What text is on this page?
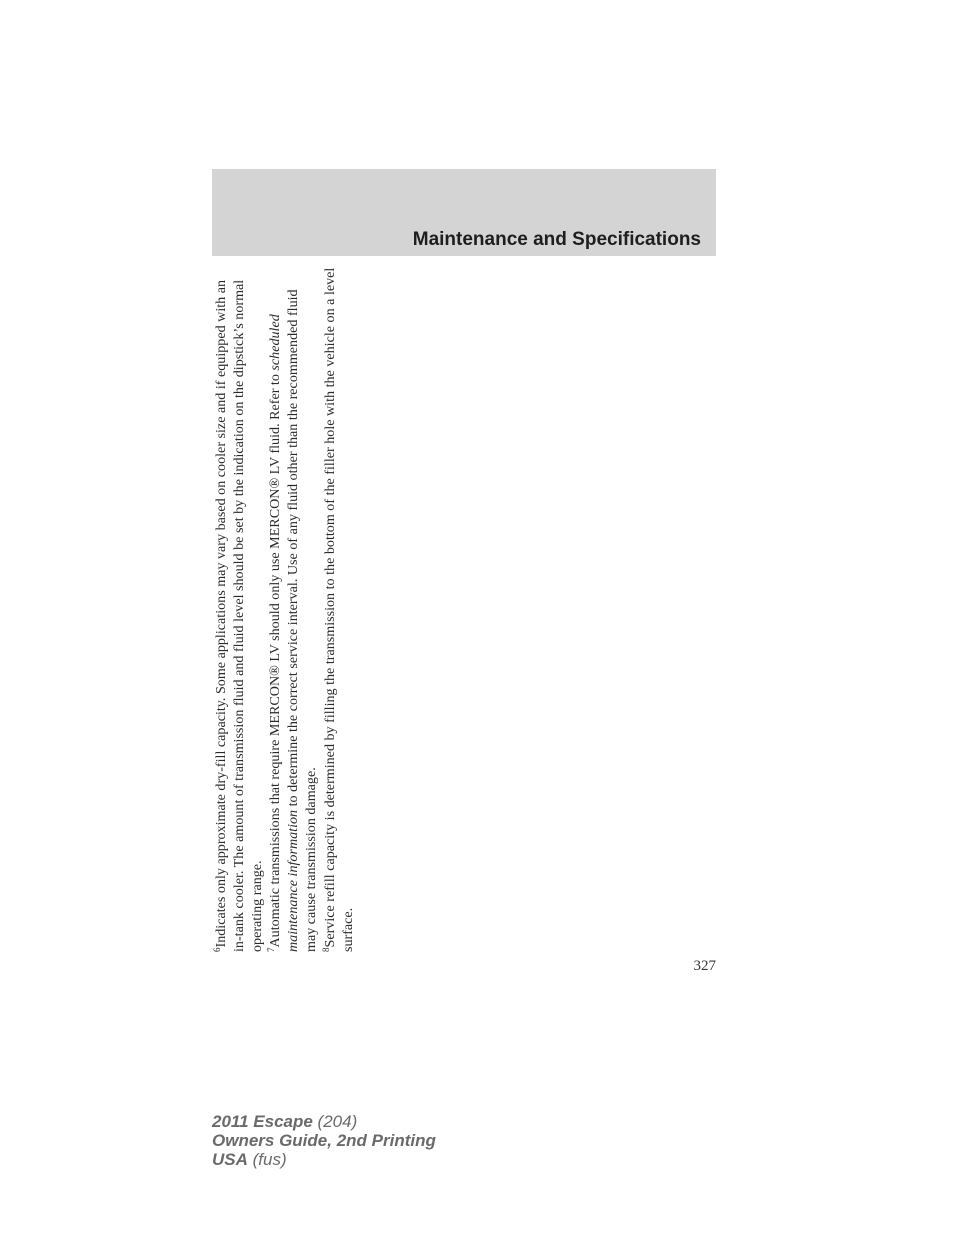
Maintenance and Specifications

$^6$Indicates only approximate dry-fill capacity. Some applications may vary based on cooler size and if equipped with an in-tank cooler. The amount of transmission fluid and fluid level should be set by the indication on the dipstick’s normal operating range. $^7$Automatic transmissions that require MERCON® LV should only use MERCON® LV fluid. Refer to scheduled maintenance information to determine the correct service interval. Use of any fluid other than the recommended fluid may cause transmission damage. $^8$Service refill capacity is determined by filling the transmission to the bottom of the filler hole with the vehicle on a level surface.

327
2011 Escape (204)
Owners Guide, 2nd Printing
USA (fus)
